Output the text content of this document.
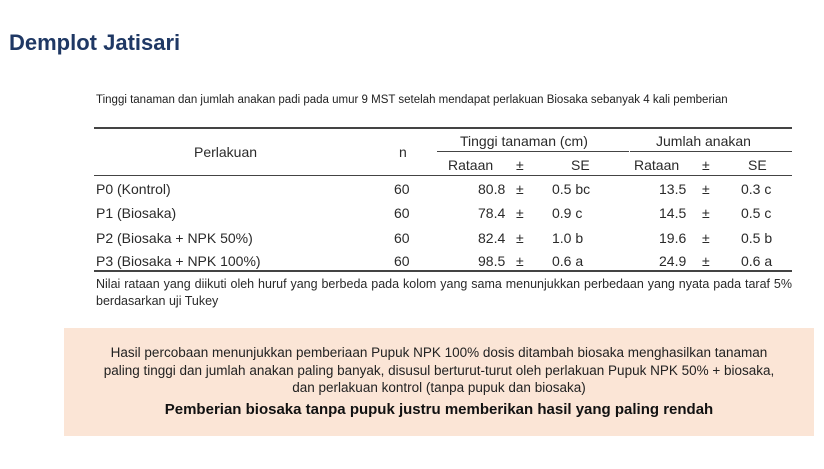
Demplot Jatisari
Tinggi tanaman dan jumlah anakan padi pada umur 9 MST setelah mendapat perlakuan Biosaka sebanyak 4 kali pemberian
Perlakuan	n
Tinggi tanaman (cm)	Jumlah anakan
Rataan ±	SE	Rataan ±	SE
P0 (Kontrol)	60	80.8 ± 0.5 bc	13.5 ± 0.3 c
P1 (Biosaka)	60	78.4 ± 0.9 c	14.5 ± 0.5 c
P2 (Biosaka + NPK 50%)	60	82.4 ± 1.0 b	19.6 ± 0.5 b
P3 (Biosaka + NPK 100%)	60	98.5 ± 0.6 a	24.9 ± 0.6 a
Nilai rataan yang diikuti oleh huruf yang berbeda pada kolom yang sama menunjukkan perbedaan yang nyata pada taraf 5% berdasarkan uji Tukey
Hasil percobaan menunjukkan pemberiaan Pupuk NPK 100% dosis ditambah biosaka menghasilkan tanaman
paling tinggi dan jumlah anakan paling banyak, disusul berturut-turut oleh perlakuan Pupuk NPK 50% + biosaka,
dan perlakuan kontrol (tanpa pupuk dan biosaka)
Pemberian biosaka tanpa pupuk justru memberikan hasil yang paling rendah
